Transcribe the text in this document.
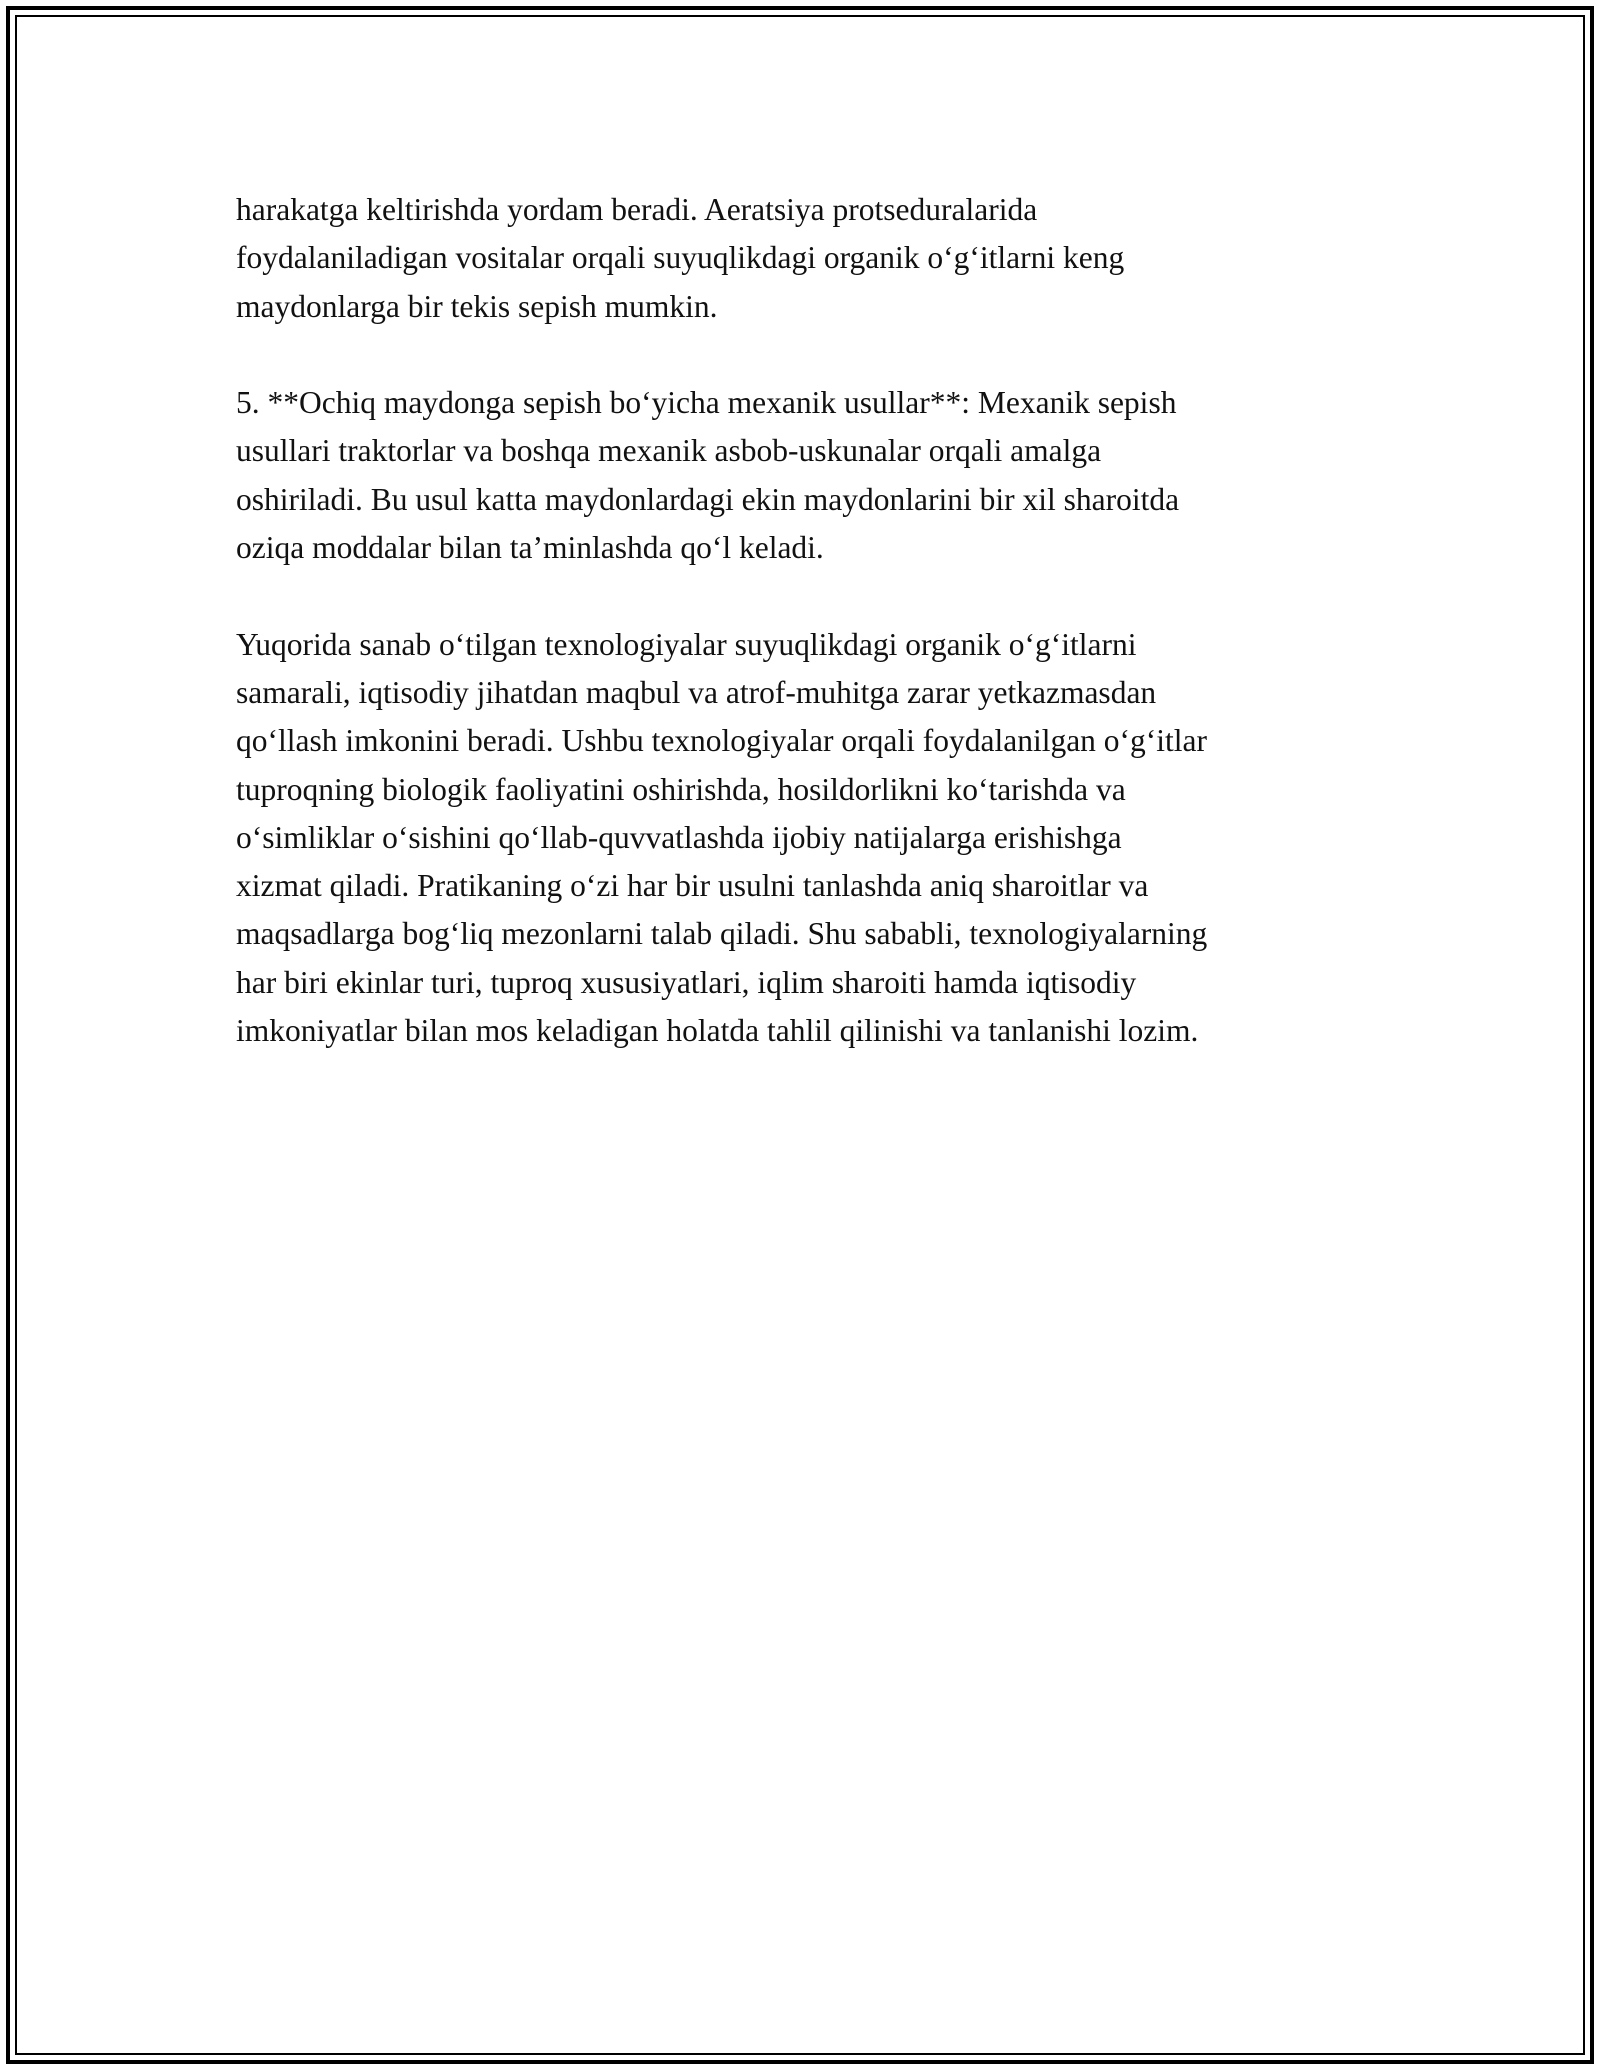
harakatga keltirishda yordam beradi. Aeratsiya protseduralarida
foydalaniladigan vositalar orqali suyuqlikdagi organik o‘g‘itlarni keng
maydonlarga bir tekis sepish mumkin.

5. **Ochiq maydonga sepish bo‘yicha mexanik usullar**: Mexanik sepish
usullari traktorlar va boshqa mexanik asbob-uskunalar orqali amalga
oshiriladi. Bu usul katta maydonlardagi ekin maydonlarini bir xil sharoitda
oziqa moddalar bilan ta’minlashda qo‘l keladi.

Yuqorida sanab o‘tilgan texnologiyalar suyuqlikdagi organik o‘g‘itlarni
samarali, iqtisodiy jihatdan maqbul va atrof-muhitga zarar yetkazmasdan
qo‘llash imkonini beradi. Ushbu texnologiyalar orqali foydalanilgan o‘g‘itlar
tuproqning biologik faoliyatini oshirishda, hosildorlikni ko‘tarishda va
o‘simliklar o‘sishini qo‘llab-quvvatlashda ijobiy natijalarga erishishga
xizmat qiladi. Pratikaning o‘zi har bir usulni tanlashda aniq sharoitlar va
maqsadlarga bog‘liq mezonlarni talab qiladi. Shu sababli, texnologiyalarning
har biri ekinlar turi, tuproq xususiyatlari, iqlim sharoiti hamda iqtisodiy
imkoniyatlar bilan mos keladigan holatda tahlil qilinishi va tanlanishi lozim.
